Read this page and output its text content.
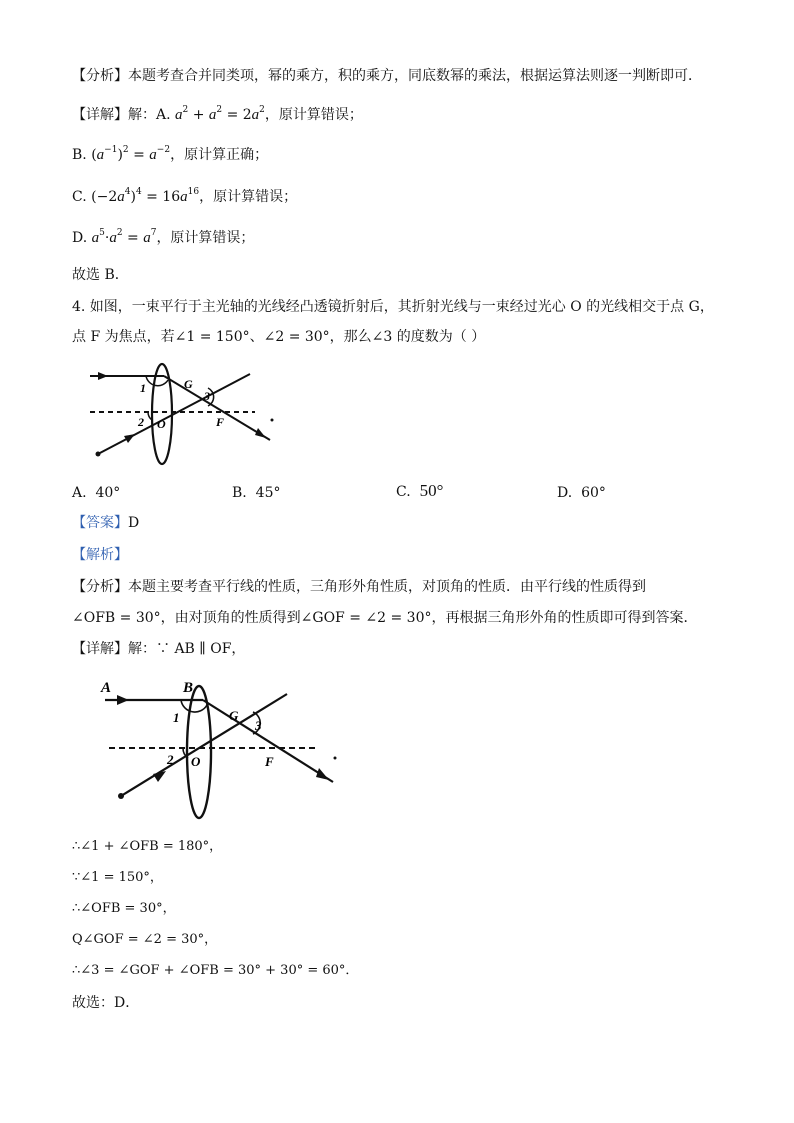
【分析】本题考查合并同类项，幂的乘方，积的乘方，同底数幂的乘法，根据运算法则逐一判断即可．
【详解】解：A. $a^2 + a^2 = 2a^2$，原计算错误；
B. $(a^{-1})^2 = a^{-2}$，原计算正确；
C. $(-2a^4)^4 = 16a^{16}$，原计算错误；
D. $a^5\cdot a^2 = a^7$，原计算错误；
故选 B．
4. 如图，一束平行于主光轴的光线经凸透镜折射后，其折射光线与一束经过光心 O 的光线相交于点 G，
点 F 为焦点，若∠1 = 150°、∠2 = 30°，那么∠3 的度数为（ ）
1	G
3
2 O	F
A. 40°	B. 45°	C. 50°	D. 60°
【答案】D
【解析】
【分析】本题主要考查平行线的性质，三角形外角性质，对顶角的性质．由平行线的性质得到
∠OFB = 30°，由对顶角的性质得到∠GOF = ∠2 = 30°，再根据三角形外角的性质即可得到答案．
【详解】解：∵ AB ∥ OF，
A	B
1	G
3
2 O	F
∴∠1 + ∠OFB = 180°，
∵∠1 = 150°，
∴∠OFB = 30°，
Q∠GOF = ∠2 = 30°，
∴∠3 = ∠GOF + ∠OFB = 30° + 30° = 60°．
故选：D．
